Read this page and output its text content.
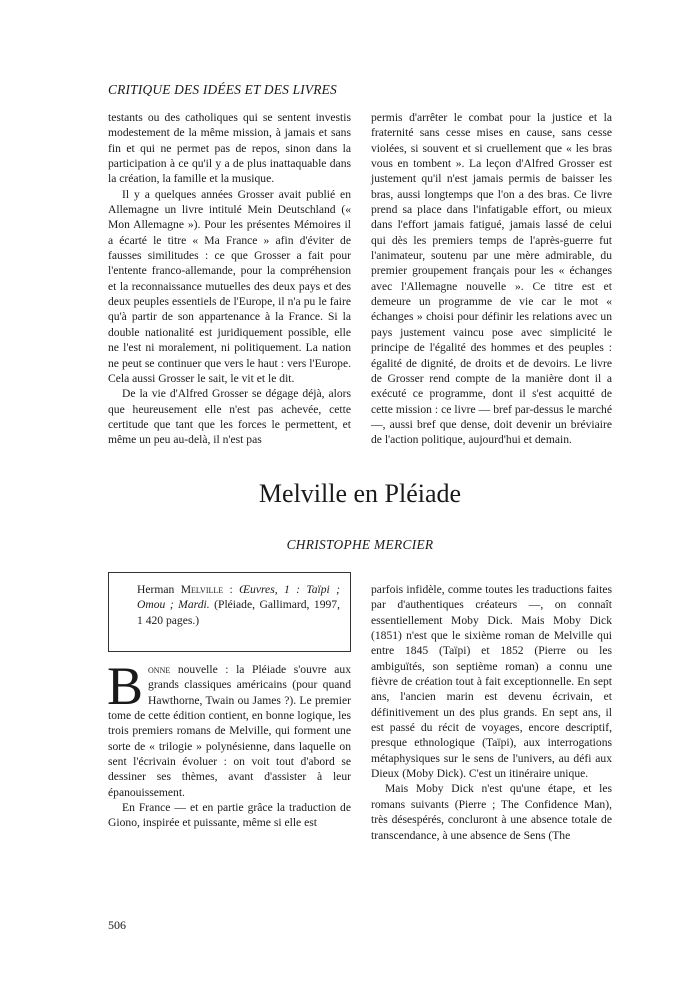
CRITIQUE DES IDÉES ET DES LIVRES

testants ou des catholiques qui se sentent investis modestement de la même mission, à jamais et sans fin et qui ne permet pas de repos, sinon dans la participation à ce qu'il y a de plus inattaquable dans la création, la famille et la musique.

Il y a quelques années Grosser avait publié en Allemagne un livre intitulé Mein Deutschland (« Mon Allemagne »). Pour les présentes Mémoires il a écarté le titre « Ma France » afin d'éviter de fausses similitudes : ce que Grosser a fait pour l'entente franco-allemande, pour la compréhension et la reconnaissance mutuelles des deux pays et des deux peuples essentiels de l'Europe, il n'a pu le faire qu'à partir de son appartenance à la France. Si la double nationalité est juridiquement possible, elle ne l'est ni moralement, ni politiquement. La nation ne peut se continuer que vers le haut : vers l'Europe. Cela aussi Grosser le sait, le vit et le dit.

De la vie d'Alfred Grosser se dégage déjà, alors que heureusement elle n'est pas achevée, cette certitude que tant que les forces le permettent, et même un peu au-delà, il n'est pas

permis d'arrêter le combat pour la justice et la fraternité sans cesse mises en cause, sans cesse violées, si souvent et si cruellement que « les bras vous en tombent ». La leçon d'Alfred Grosser est justement qu'il n'est jamais permis de baisser les bras, aussi longtemps que l'on a des bras. Ce livre prend sa place dans l'infatigable effort, ou mieux dans l'effort jamais fatigué, jamais lassé de celui qui dès les premiers temps de l'après-guerre fut l'animateur, soutenu par une mère admirable, du premier groupement français pour les « échanges avec l'Allemagne nouvelle ». Ce titre est et demeure un programme de vie car le mot « échanges » choisi pour définir les relations avec un pays justement vaincu pose avec simplicité le principe de l'égalité des hommes et des peuples : égalité de dignité, de droits et de devoirs. Le livre de Grosser rend compte de la manière dont il a exécuté ce programme, dont il s'est acquitté de cette mission : ce livre — bref par-dessus le marché —, aussi bref que dense, doit devenir un bréviaire de l'action politique, aujourd'hui et demain.

Melville en Pléiade
CHRISTOPHE MERCIER
Herman Melville : Œuvres, 1 : Taïpi ; Omou ; Mardi. (Pléiade, Gallimard, 1997, 1 420 pages.)

Bonne nouvelle : la Pléiade s'ouvre aux grands classiques américains (pour quand Hawthorne, Twain ou James ?). Le premier tome de cette édition contient, en bonne logique, les trois premiers romans de Melville, qui forment une sorte de « trilogie » polynésienne, dans laquelle on sent l'écrivain évoluer : on voit tout d'abord se dessiner ses thèmes, avant d'assister à leur épanouissement.

En France — et en partie grâce la traduction de Giono, inspirée et puissante, même si elle est

parfois infidèle, comme toutes les traductions faites par d'authentiques créateurs —, on connaît essentiellement Moby Dick. Mais Moby Dick (1851) n'est que le sixième roman de Melville qui entre 1845 (Taïpi) et 1852 (Pierre ou les ambiguïtés, son septième roman) a connu une fièvre de création tout à fait exceptionnelle. En sept ans, l'ancien marin est devenu écrivain, et définitivement un des plus grands. En sept ans, il est passé du récit de voyages, encore descriptif, presque ethnologique (Taïpi), aux interrogations métaphysiques sur le sens de l'univers, au défi aux Dieux (Moby Dick). C'est un itinéraire unique.

Mais Moby Dick n'est qu'une étape, et les romans suivants (Pierre ; The Confidence Man), très désespérés, concluront à une absence totale de transcendance, à une absence de Sens (The

506
